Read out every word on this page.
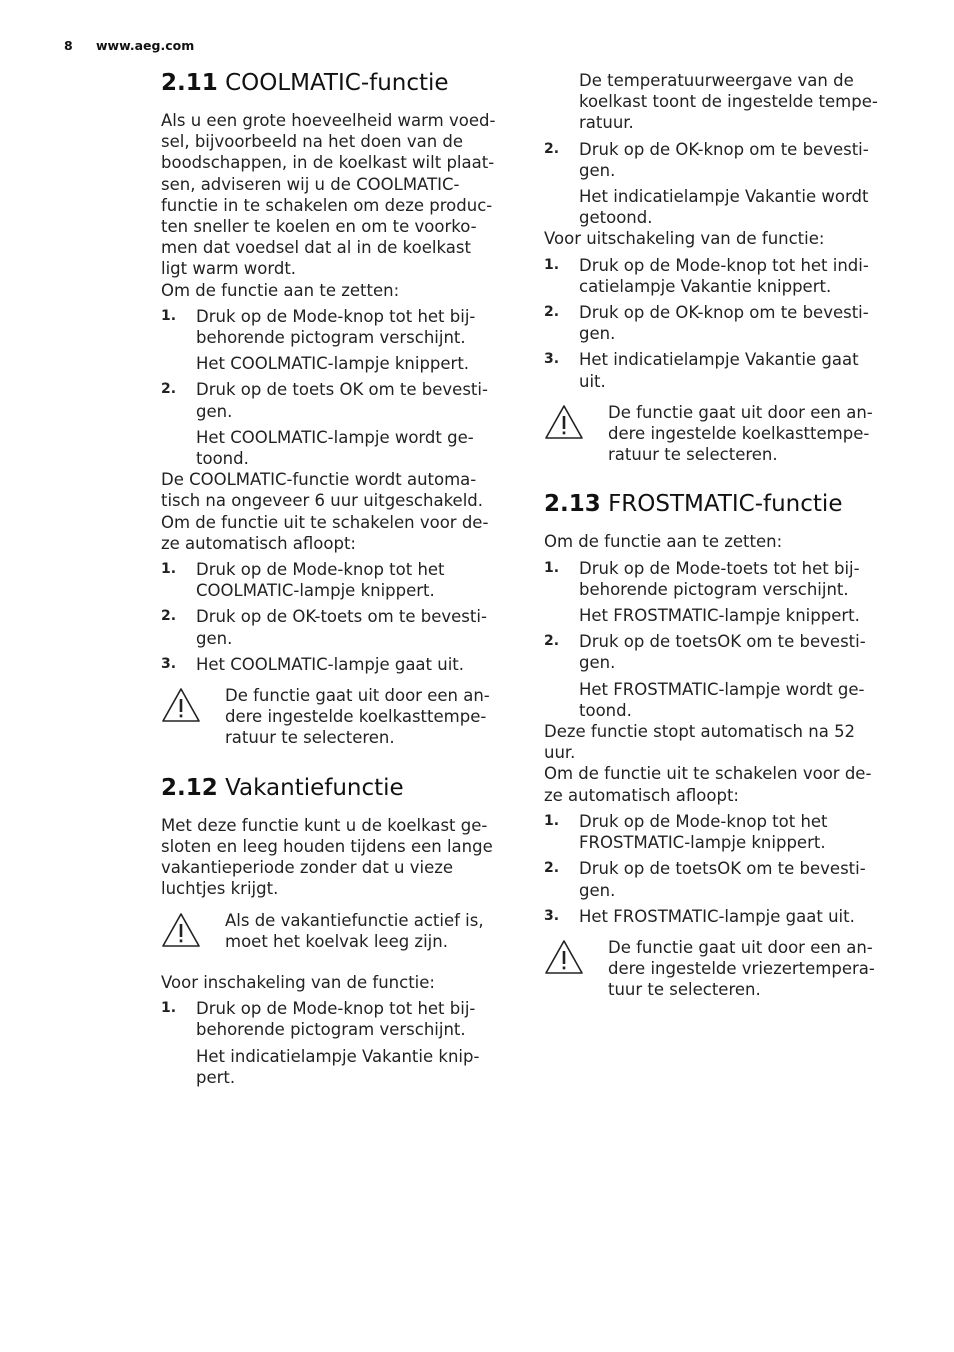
8 www.aeg.com
2.11 COOLMATIC-functie

Als u een grote hoeveelheid warm voed-
sel, bijvoorbeeld na het doen van de
boodschappen, in de koelkast wilt plaat-
sen, adviseren wij u de COOLMATIC-
functie in te schakelen om deze produc-
ten sneller te koelen en om te voorko-
men dat voedsel dat al in de koelkast
ligt warm wordt.

Om de functie aan te zetten:

1. Druk op de Mode-knop tot het bij-
behorende pictogram verschijnt.
Het COOLMATIC-lampje knippert.
2. Druk op de toets OK om te bevesti-
gen.
Het COOLMATIC-lampje wordt ge-
toond.

De COOLMATIC-functie wordt automa-
tisch na ongeveer 6 uur uitgeschakeld.

Om de functie uit te schakelen voor de-
ze automatisch afloopt:

1. Druk op de Mode-knop tot het
COOLMATIC-lampje knippert.
2. Druk op de OK-toets om te bevesti-
gen.
3. Het COOLMATIC-lampje gaat uit.

De functie gaat uit door een an-
dere ingestelde koelkasttempe-
ratuur te selecteren.

2.12 Vakantiefunctie

Met deze functie kunt u de koelkast ge-
sloten en leeg houden tijdens een lange
vakantieperiode zonder dat u vieze
luchtjes krijgt.

Als de vakantiefunctie actief is,
moet het koelvak leeg zijn.

Voor inschakeling van de functie:

1. Druk op de Mode-knop tot het bij-
behorende pictogram verschijnt.
Het indicatielampje Vakantie knip-
pert.
De temperatuurweergave van de
koelkast toont de ingestelde tempe-
ratuur.
2. Druk op de OK-knop om te bevesti-
gen.
Het indicatielampje Vakantie wordt
getoond.

Voor uitschakeling van de functie:

1. Druk op de Mode-knop tot het indi-
catielampje Vakantie knippert.
2. Druk op de OK-knop om te bevesti-
gen.
3. Het indicatielampje Vakantie gaat
uit.

De functie gaat uit door een an-
dere ingestelde koelkasttempe-
ratuur te selecteren.

2.13 FROSTMATIC-functie

Om de functie aan te zetten:

1. Druk op de Mode-toets tot het bij-
behorende pictogram verschijnt.
Het FROSTMATIC-lampje knippert.
2. Druk op de toetsOK om te bevesti-
gen.
Het FROSTMATIC-lampje wordt ge-
toond.

Deze functie stopt automatisch na 52
uur.

Om de functie uit te schakelen voor de-
ze automatisch afloopt:

1. Druk op de Mode-knop tot het
FROSTMATIC-lampje knippert.
2. Druk op de toetsOK om te bevesti-
gen.
3. Het FROSTMATIC-lampje gaat uit.

De functie gaat uit door een an-
dere ingestelde vriezertempera-
tuur te selecteren.
